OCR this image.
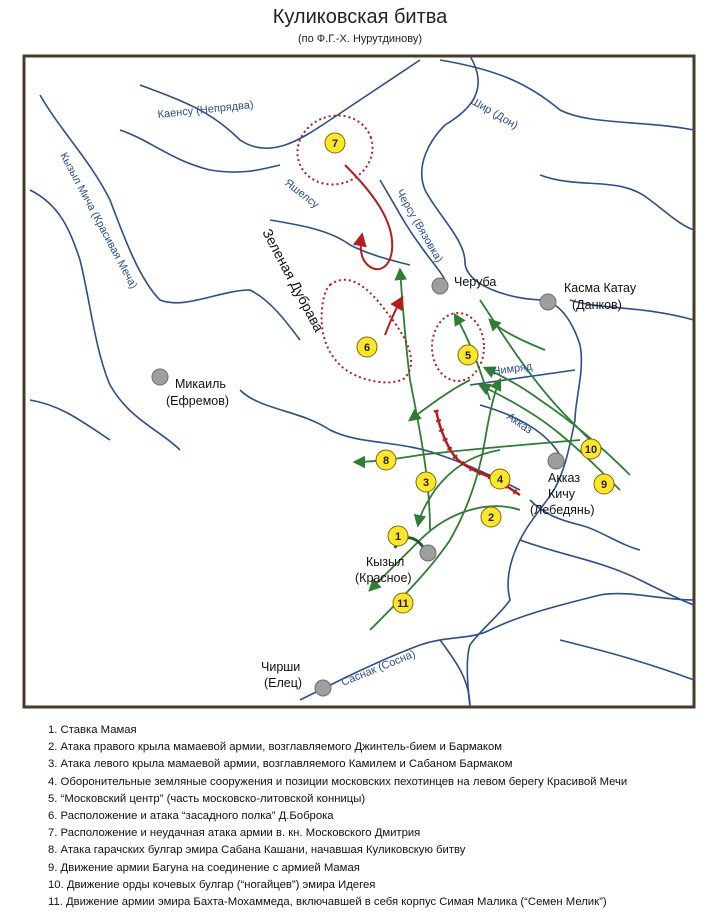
Куликовская битва
(по Ф.Г.-Х. Нурутдинову)
Каенсу (Непрядва)	Шир (Дон)
Кызыл Мича (Красивая Меча)	Яшелсу	Черсу (Вязовка)
Нимряд
Акказ
Саснак (Сосна)
Зеленая Дубрава	Черуба	Касма Катау
(Данков)
Микаиль
(Ефремов)
Акказ
Кичу
(Лебедянь)
Кызыл
(Красное)
Чирши
(Елец)
1
2
3	4
5
6
7
8
9
10
11
1. Ставка Мамая
2. Атака правого крыла мамаевой армии, возглавляемого Джинтель-бием и Бармаком
3. Атака левого крыла мамаевой армии, возглавляемого Камилем и Сабаном Бармаком
4. Оборонительные земляные сооружения и позиции московских пехотинцев на левом берегу Красивой Мечи
5. “Московский центр” (часть московско-литовской конницы)
6. Расположение и атака “засадного полка” Д.Боброка
7. Расположение и неудачная атака армии в. кн. Московского Дмитрия
8. Атака гарачских булгар эмира Сабана Кашани, начавшая Куликовскую битву
9. Движение армии Багуна на соединение с армией Мамая
10. Движение орды кочевых булгар (“ногайцев”) эмира Идегея
11. Движение армии эмира Бахта-Мохаммеда, включавшей в себя корпус Симая Малика (“Семен Мелик”)
